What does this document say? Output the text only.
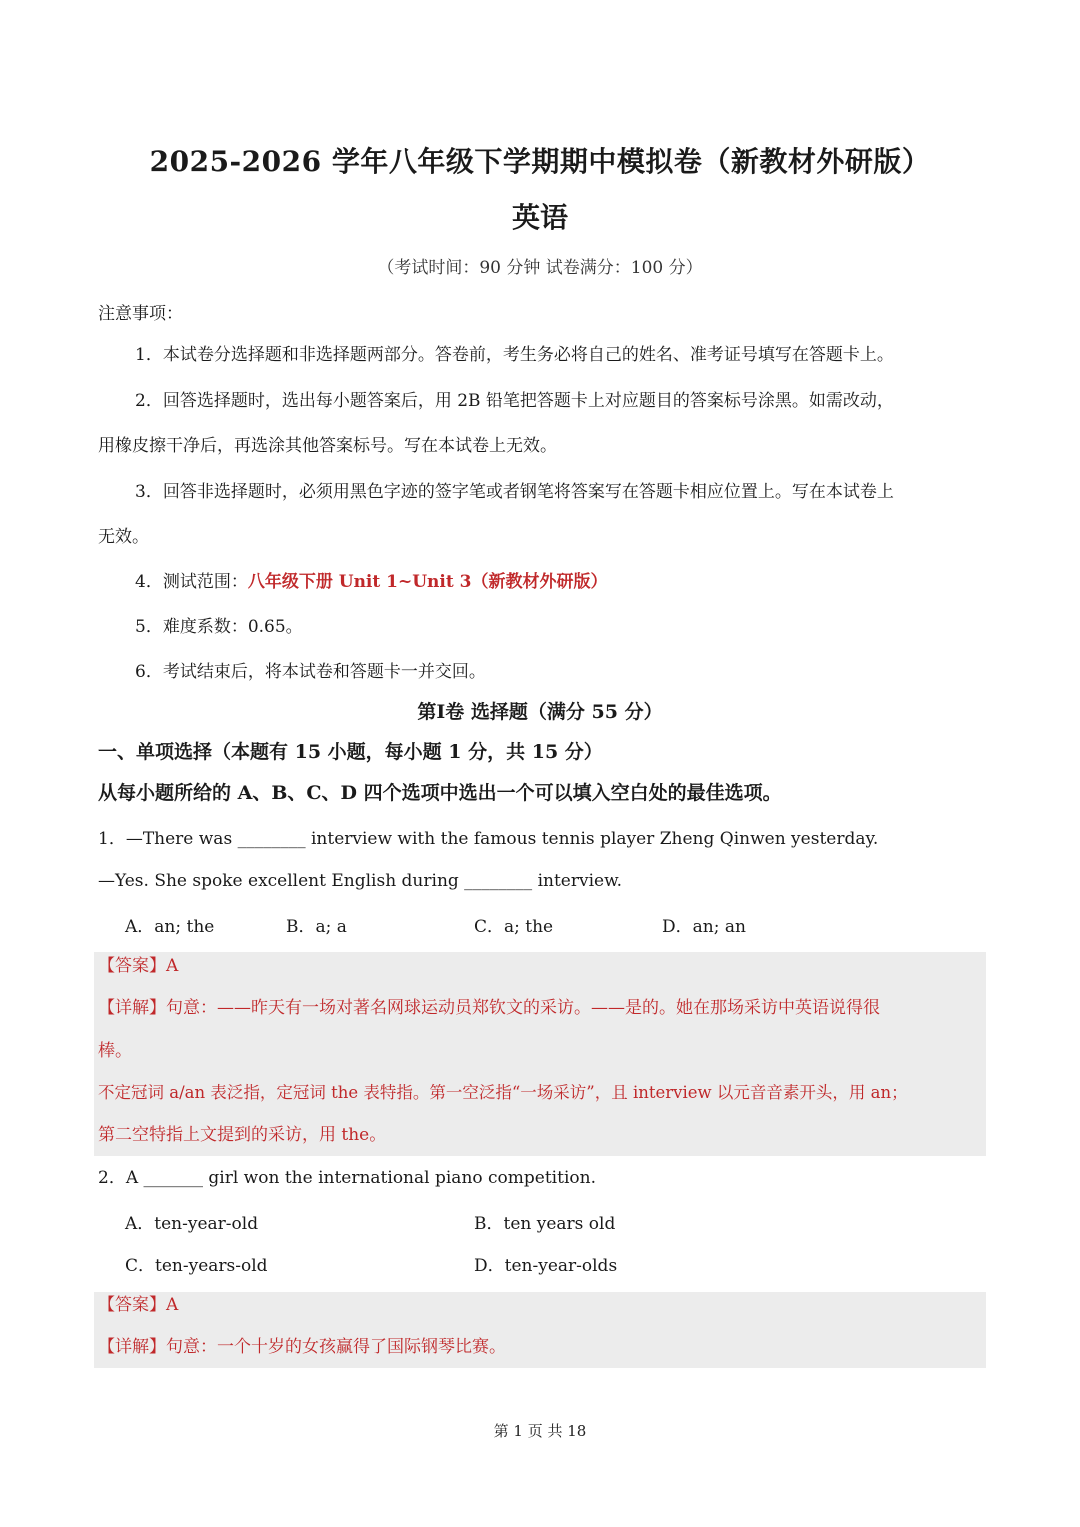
2025-2026 学年八年级下学期期中模拟卷（新教材外研版）
英语
（考试时间：90 分钟 试卷满分：100 分）
注意事项：
1．本试卷分选择题和非选择题两部分。答卷前，考生务必将自己的姓名、准考证号填写在答题卡上。
2．回答选择题时，选出每小题答案后，用 2B 铅笔把答题卡上对应题目的答案标号涂黑。如需改动，
用橡皮擦干净后，再选涂其他答案标号。写在本试卷上无效。
3．回答非选择题时，必须用黑色字迹的签字笔或者钢笔将答案写在答题卡相应位置上。写在本试卷上
无效。
4．测试范围：八年级下册 Unit 1~Unit 3（新教材外研版）
5．难度系数：0.65。
6．考试结束后，将本试卷和答题卡一并交回。
第Ⅰ卷 选择题（满分 55 分）
一、单项选择（本题有 15 小题，每小题 1 分，共 15 分）
从每小题所给的 A、B、C、D 四个选项中选出一个可以填入空白处的最佳选项。
1．—There was ________ interview with the famous tennis player Zheng Qinwen yesterday.
—Yes. She spoke excellent English during ________ interview.
A．an; the	B．a; a	C．a; the	D．an; an
【答案】A
【详解】句意：——昨天有一场对著名网球运动员郑钦文的采访。——是的。她在那场采访中英语说得很
棒。
不定冠词 a/an 表泛指，定冠词 the 表特指。第一空泛指“一场采访”，且 interview 以元音音素开头，用 an；
第二空特指上文提到的采访，用 the。
2．A _______ girl won the international piano competition.
A．ten-year-old	B．ten years old
C．ten-years-old	D．ten-year-olds
【答案】A
【详解】句意：一个十岁的女孩赢得了国际钢琴比赛。
第 1 页 共 18
